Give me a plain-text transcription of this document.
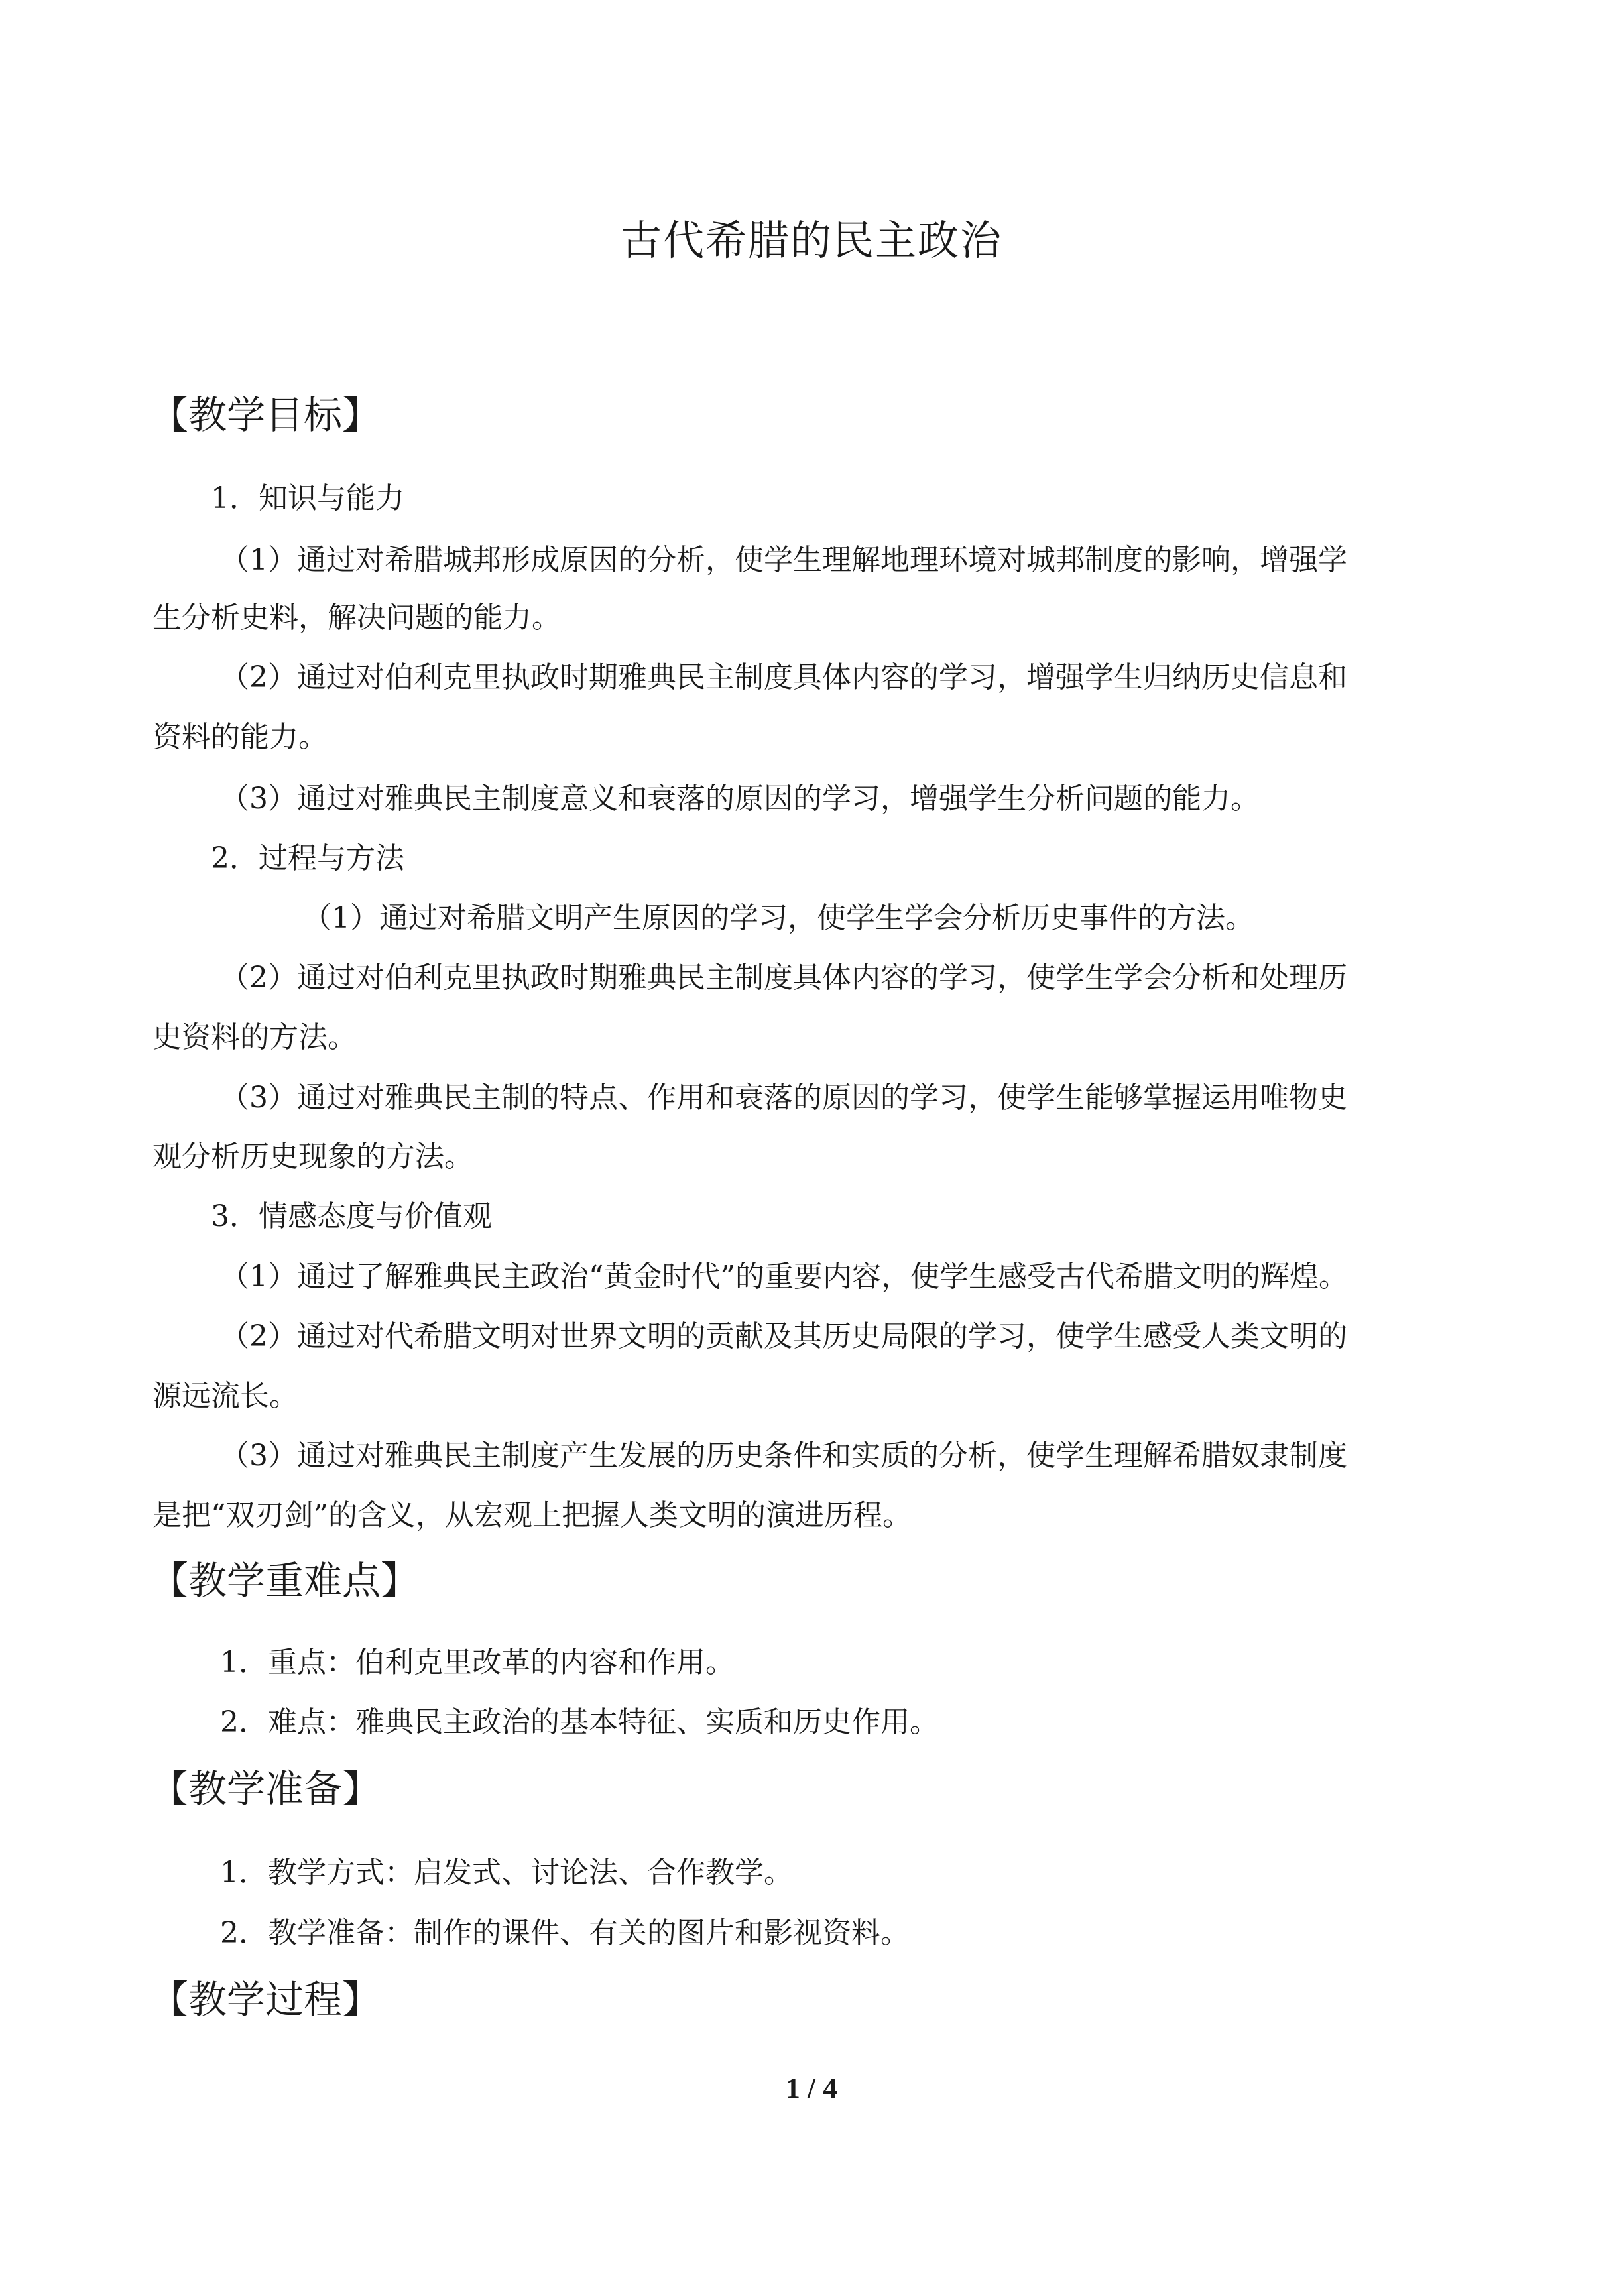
古代希腊的民主政治
【教学目标】

1．知识与能力

（1）通过对希腊城邦形成原因的分析，使学生理解地理环境对城邦制度的影响，增强学

生分析史料，解决问题的能力。

（2）通过对伯利克里执政时期雅典民主制度具体内容的学习，增强学生归纳历史信息和

资料的能力。

（3）通过对雅典民主制度意义和衰落的原因的学习，增强学生分析问题的能力。

2．过程与方法

（1）通过对希腊文明产生原因的学习，使学生学会分析历史事件的方法。

（2）通过对伯利克里执政时期雅典民主制度具体内容的学习，使学生学会分析和处理历

史资料的方法。

（3）通过对雅典民主制的特点、作用和衰落的原因的学习，使学生能够掌握运用唯物史

观分析历史现象的方法。

3．情感态度与价值观

（1）通过了解雅典民主政治“黄金时代”的重要内容，使学生感受古代希腊文明的辉煌。

（2）通过对代希腊文明对世界文明的贡献及其历史局限的学习，使学生感受人类文明的

源远流长。

（3）通过对雅典民主制度产生发展的历史条件和实质的分析，使学生理解希腊奴隶制度

是把“双刃剑”的含义，从宏观上把握人类文明的演进历程。

【教学重难点】

1．重点：伯利克里改革的内容和作用。

2．难点：雅典民主政治的基本特征、实质和历史作用。

【教学准备】

1．教学方式：启发式、讨论法、合作教学。

2．教学准备：制作的课件、有关的图片和影视资料。

【教学过程】
1 / 4
